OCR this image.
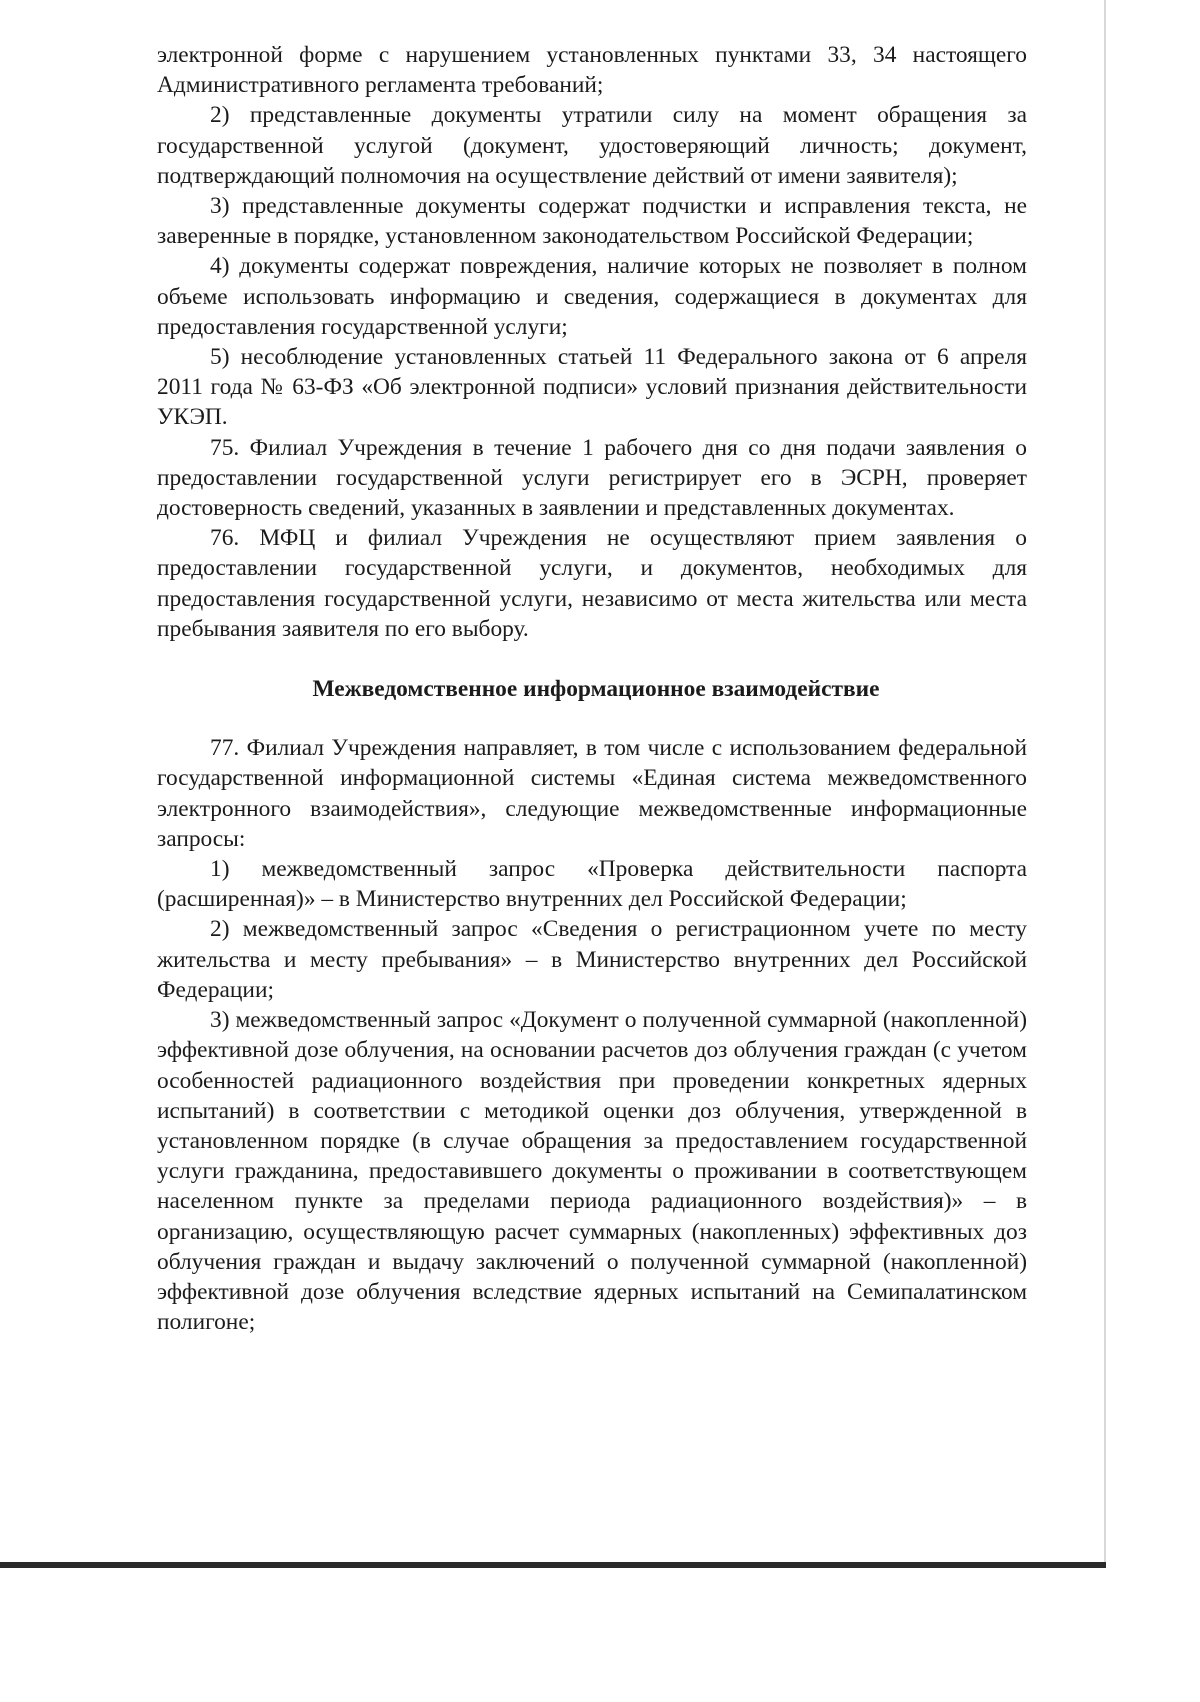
электронной форме с нарушением установленных пунктами 33, 34 настоящего Административного регламента требований;

2) представленные документы утратили силу на момент обращения за государственной услугой (документ, удостоверяющий личность; документ, подтверждающий полномочия на осуществление действий от имени заявителя);

3) представленные документы содержат подчистки и исправления текста, не заверенные в порядке, установленном законодательством Российской Федерации;

4) документы содержат повреждения, наличие которых не позволяет в полном объеме использовать информацию и сведения, содержащиеся в документах для предоставления государственной услуги;

5) несоблюдение установленных статьей 11 Федерального закона от 6 апреля 2011 года № 63-ФЗ «Об электронной подписи» условий признания действительности УКЭП.

75. Филиал Учреждения в течение 1 рабочего дня со дня подачи заявления о предоставлении государственной услуги регистрирует его в ЭСРН, проверяет достоверность сведений, указанных в заявлении и представленных документах.

76. МФЦ и филиал Учреждения не осуществляют прием заявления о предоставлении государственной услуги, и документов, необходимых для предоставления государственной услуги, независимо от места жительства или места пребывания заявителя по его выбору.

Межведомственное информационное взаимодействие

77. Филиал Учреждения направляет, в том числе с использованием федеральной государственной информационной системы «Единая система межведомственного электронного взаимодействия», следующие межведомственные информационные запросы:

1) межведомственный запрос «Проверка действительности паспорта (расширенная)» – в Министерство внутренних дел Российской Федерации;

2) межведомственный запрос «Сведения о регистрационном учете по месту жительства и месту пребывания» – в Министерство внутренних дел Российской Федерации;

3) межведомственный запрос «Документ о полученной суммарной (накопленной) эффективной дозе облучения, на основании расчетов доз облучения граждан (с учетом особенностей радиационного воздействия при проведении конкретных ядерных испытаний) в соответствии с методикой оценки доз облучения, утвержденной в установленном порядке (в случае обращения за предоставлением государственной услуги гражданина, предоставившего документы о проживании в соответствующем населенном пункте за пределами периода радиационного воздействия)» – в организацию, осуществляющую расчет суммарных (накопленных) эффективных доз облучения граждан и выдачу заключений о полученной суммарной (накопленной) эффективной дозе облучения вследствие ядерных испытаний на Семипалатинском полигоне;
